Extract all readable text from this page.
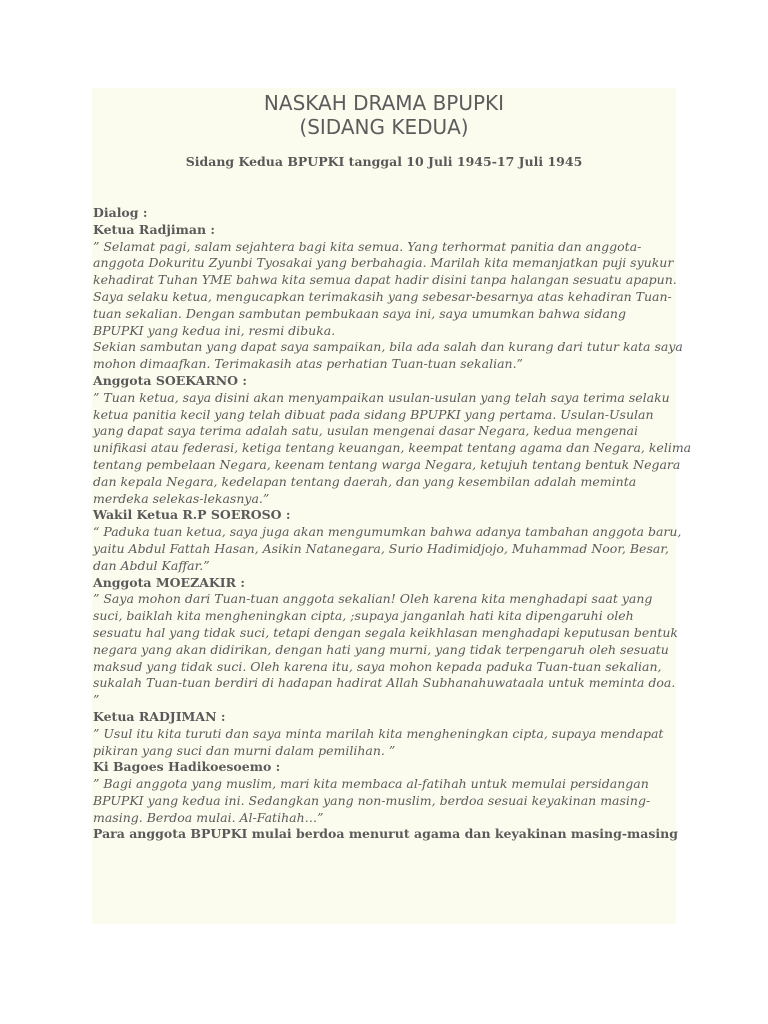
NASKAH DRAMA BPUPKI
(SIDANG KEDUA)

Sidang Kedua BPUPKI tanggal 10 Juli 1945-17 Juli 1945

Dialog :
Ketua Radjiman :
” Selamat pagi, salam sejahtera bagi kita semua. Yang terhormat panitia dan anggota-
anggota Dokuritu Zyunbi Tyosakai yang berbahagia. Marilah kita memanjatkan puji syukur
kehadirat Tuhan YME bahwa kita semua dapat hadir disini tanpa halangan sesuatu apapun.
Saya selaku ketua, mengucapkan terimakasih yang sebesar-besarnya atas kehadiran Tuan-
tuan sekalian. Dengan sambutan pembukaan saya ini, saya umumkan bahwa sidang
BPUPKI yang kedua ini, resmi dibuka.
Sekian sambutan yang dapat saya sampaikan, bila ada salah dan kurang dari tutur kata saya
mohon dimaafkan. Terimakasih atas perhatian Tuan-tuan sekalian.”
Anggota SOEKARNO :
” Tuan ketua, saya disini akan menyampaikan usulan-usulan yang telah saya terima selaku
ketua panitia kecil yang telah dibuat pada sidang BPUPKI yang pertama. Usulan-Usulan
yang dapat saya terima adalah satu, usulan mengenai dasar Negara, kedua mengenai
unifikasi atau federasi, ketiga tentang keuangan, keempat tentang agama dan Negara, kelima
tentang pembelaan Negara, keenam tentang warga Negara, ketujuh tentang bentuk Negara
dan kepala Negara, kedelapan tentang daerah, dan yang kesembilan adalah meminta
merdeka selekas-lekasnya.”
Wakil Ketua R.P SOEROSO :
“ Paduka tuan ketua, saya juga akan mengumumkan bahwa adanya tambahan anggota baru,
yaitu Abdul Fattah Hasan, Asikin Natanegara, Surio Hadimidjojo, Muhammad Noor, Besar,
dan Abdul Kaffar.”
Anggota MOEZAKIR :
” Saya mohon dari Tuan-tuan anggota sekalian! Oleh karena kita menghadapi saat yang
suci, baiklah kita mengheningkan cipta, ;supaya janganlah hati kita dipengaruhi oleh
sesuatu hal yang tidak suci, tetapi dengan segala keikhlasan menghadapi keputusan bentuk
negara yang akan didirikan, dengan hati yang murni, yang tidak terpengaruh oleh sesuatu
maksud yang tidak suci. Oleh karena itu, saya mohon kepada paduka Tuan-tuan sekalian,
sukalah Tuan-tuan berdiri di hadapan hadirat Allah Subhanahuwataala untuk meminta doa.
”
Ketua RADJIMAN :
” Usul itu kita turuti dan saya minta marilah kita mengheningkan cipta, supaya mendapat
pikiran yang suci dan murni dalam pemilihan. ”
Ki Bagoes Hadikoesoemo :
” Bagi anggota yang muslim, mari kita membaca al-fatihah untuk memulai persidangan
BPUPKI yang kedua ini. Sedangkan yang non-muslim, berdoa sesuai keyakinan masing-
masing. Berdoa mulai. Al-Fatihah…”
Para anggota BPUPKI mulai berdoa menurut agama dan keyakinan masing-masing
